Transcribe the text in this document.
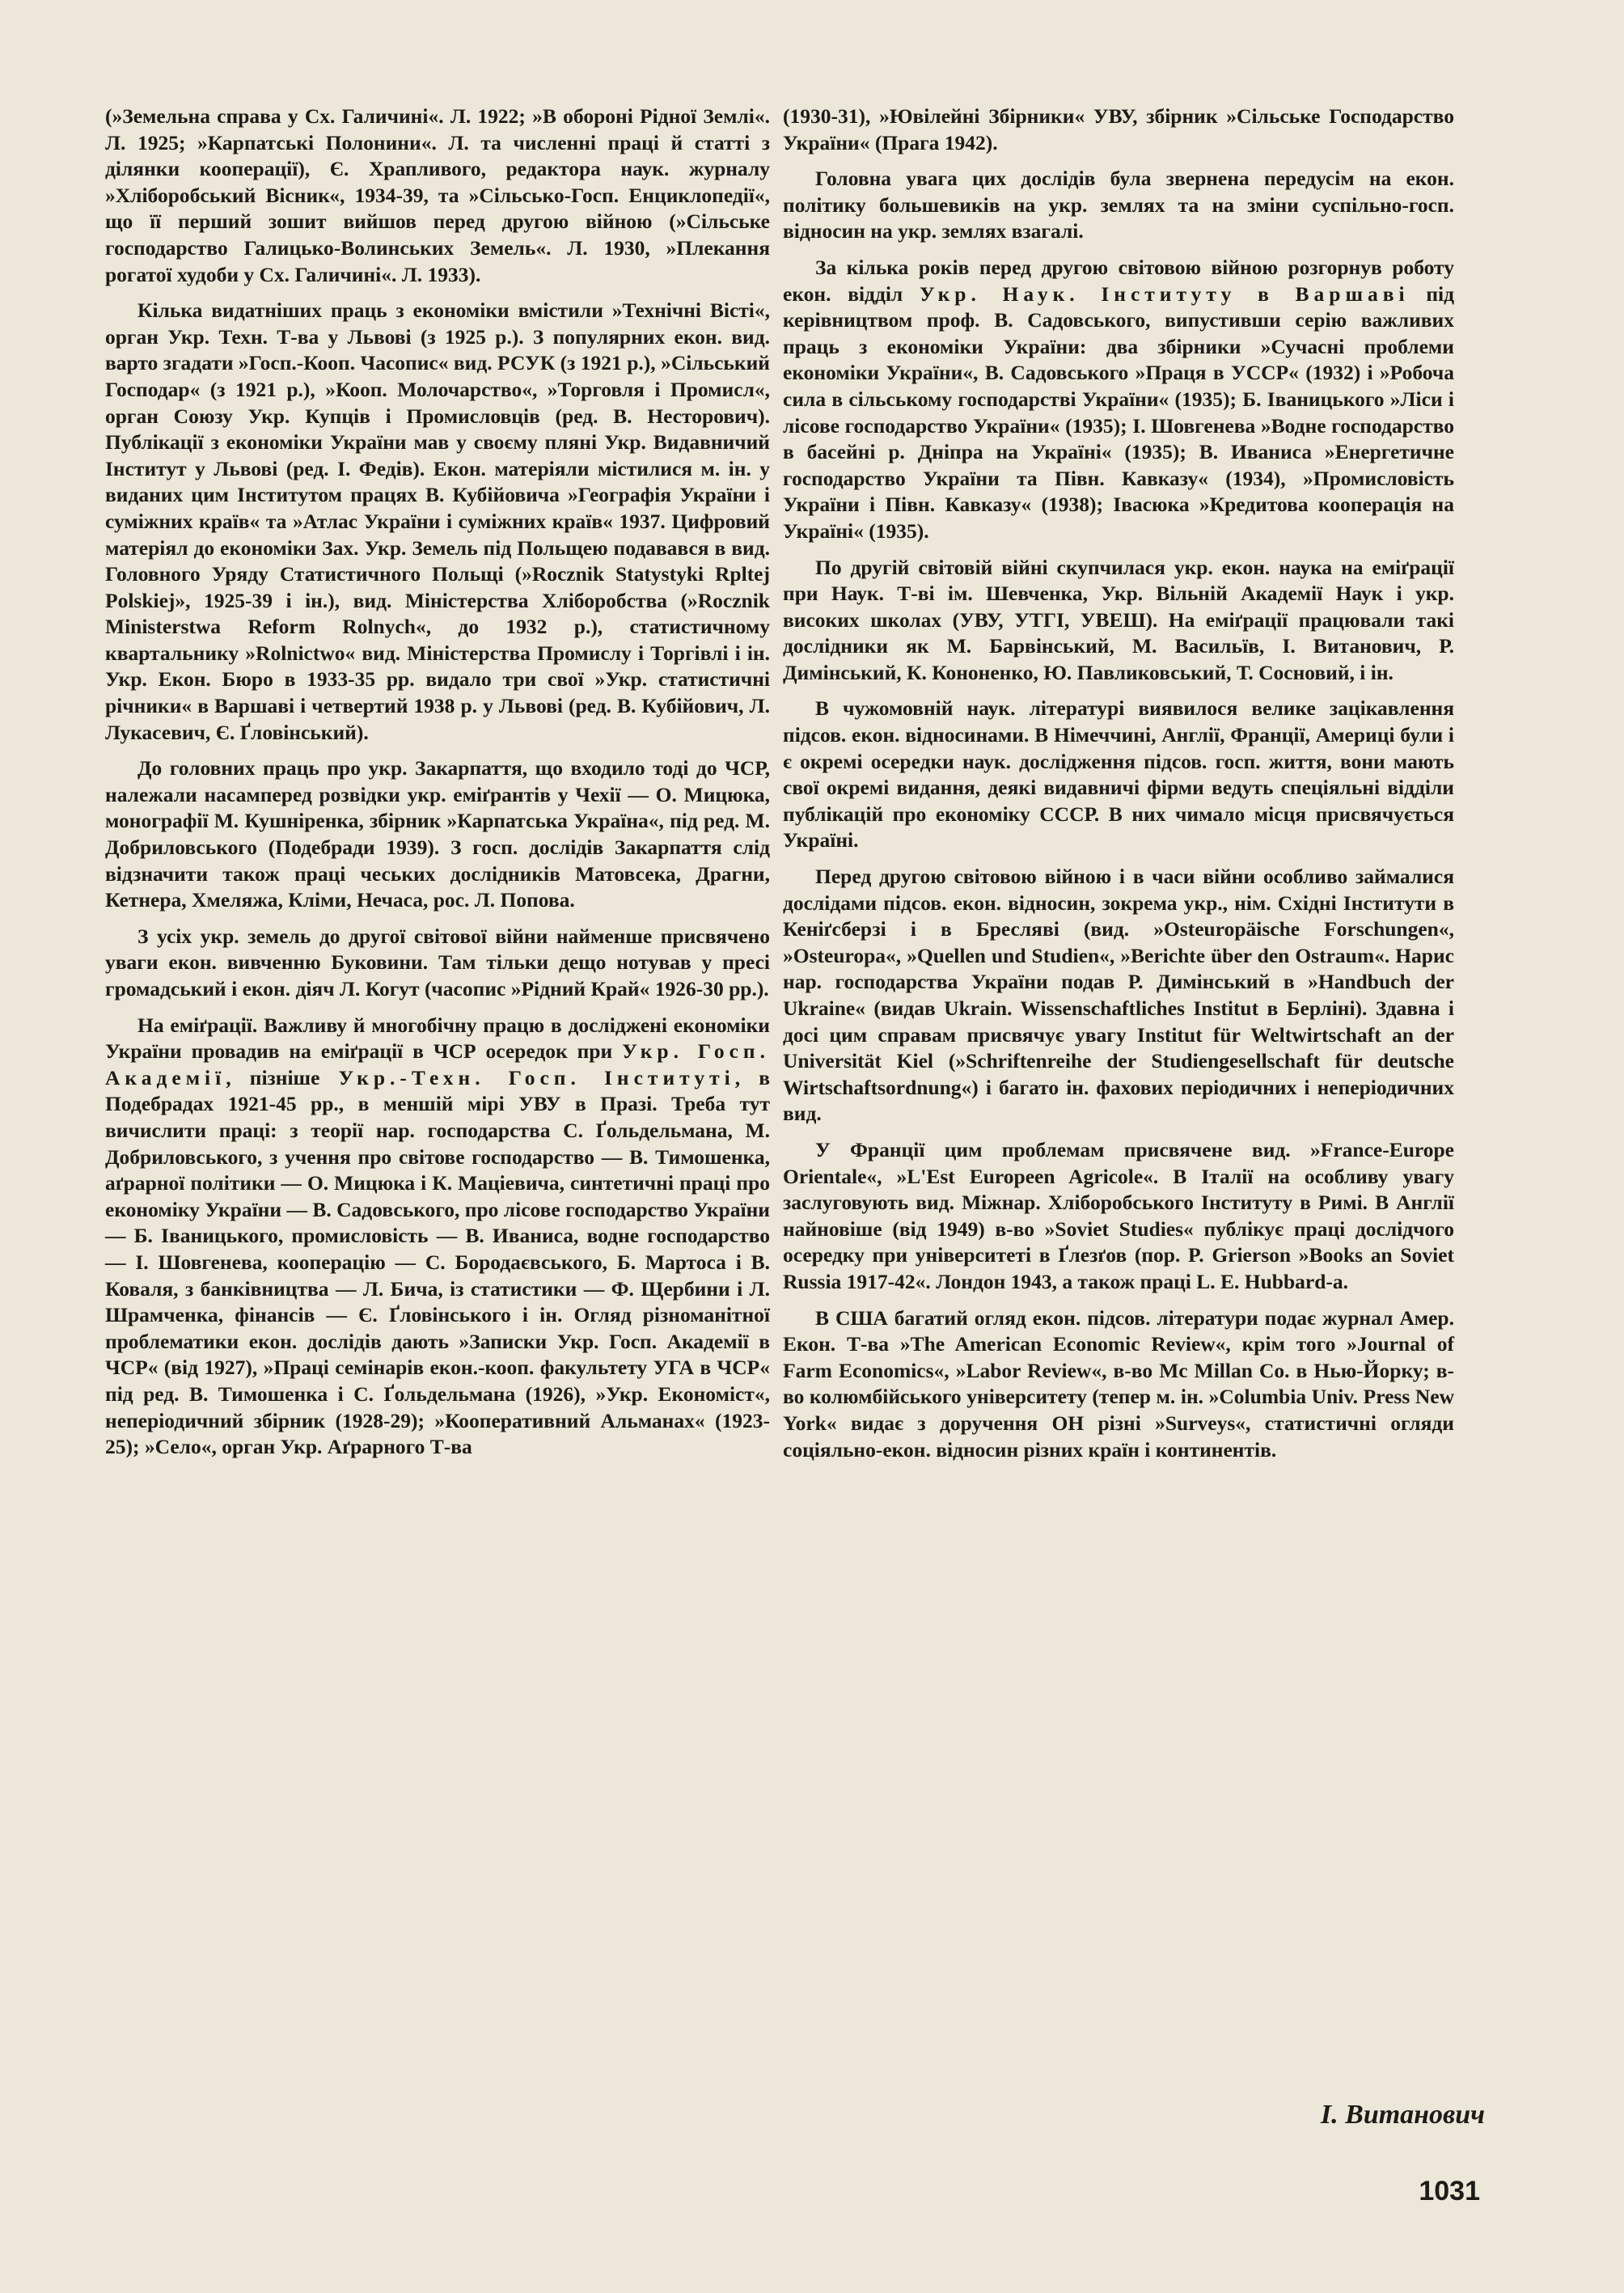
(»Земельна справа у Сх. Галичині«. Л. 1922; »В обороні Рідної Землі«. Л. 1925; »Карпатські Полонини«. Л. та численні праці й статті з ділянки кооперації), Є. Храпливого, редактора наук. журналу »Хліборобський Вісник«, 1934-39, та »Сільсько-Госп. Енциклопедії«, що її перший зошит вийшов перед другою війною (»Сільське господарство Галицько-Волинських Земель«. Л. 1930, »Плекання рогатої худоби у Сх. Галичині«. Л. 1933).

Кілька видатніших праць з економіки вмістили »Технічні Вісті«, орган Укр. Техн. Т-ва у Львові (з 1925 р.). З популярних екон. вид. варто згадати »Госп.-Кооп. Часопис« вид. РСУК (з 1921 р.), »Сільський Господар« (з 1921 р.), »Кооп. Молочарство«, »Торговля і Промисл«, орган Союзу Укр. Купців і Промисловців (ред. В. Несторович). Публікації з економіки України мав у своєму пляні Укр. Видавничий Інститут у Львові (ред. І. Федів). Екон. матеріяли містилися м. ін. у виданих цим Інститутом працях В. Кубійовича »Географія України і суміжних країв« та »Атлас України і суміжних країв« 1937. Цифровий матеріял до економіки Зах. Укр. Земель під Польщею подавався в вид. Головного Уряду Статистичного Польщі (»Rocznik Statystyki Rpltej Polskiej», 1925-39 і ін.), вид. Міністерства Хліборобства (»Rocznik Ministerstwa Reform Rolnych«, до 1932 р.), статистичному квартальнику »Rolnictwo« вид. Міністерства Промислу і Торгівлі і ін. Укр. Екон. Бюро в 1933-35 рр. видало три свої »Укр. статистичні річники« в Варшаві і четвертий 1938 р. у Львові (ред. В. Кубійович, Л. Лукасевич, Є. Ґловінський).

До головних праць про укр. Закарпаття, що входило тоді до ЧСР, належали насамперед розвідки укр. еміґрантів у Чехії — О. Мицюка, монографії М. Кушніренка, збірник »Карпатська Україна«, під ред. М. Добриловського (Подебради 1939). З госп. дослідів Закарпаття слід відзначити також праці чеських дослідників Матовсека, Драгни, Кетнера, Хмеляжа, Кліми, Нечаса, рос. Л. Попова.

З усіх укр. земель до другої світової війни найменше присвячено уваги екон. вивченню Буковини. Там тільки дещо нотував у пресі громадський і екон. діяч Л. Когут (часопис »Рідний Край« 1926-30 рр.).

На еміґрації. Важливу й многобічну працю в досліджені економіки України провадив на еміґрації в ЧСР осередок при Укр. Госп. Академії, пізніше Укр.-Техн. Госп. Інституті, в Подебрадах 1921-45 рр., в меншій мірі УВУ в Празі. Треба тут вичислити праці: з теорії нар. господарства С. Ґольдельмана, М. Добриловського, з учення про світове господарство — В. Тимошенка, аґрарної політики — О. Мицюка і К. Маціевича, синтетичні праці про економіку України — В. Садовського, про лісове господарство України — Б. Іваницького, промисловість — В. Иваниса, водне господарство — І. Шовгенева, кооперацію — С. Бородаєвського, Б. Мартоса і В. Коваля, з банківництва — Л. Бича, із статистики — Ф. Щербини і Л. Шрамченка, фінансів — Є. Ґловінського і ін. Огляд різноманітної проблематики екон. дослідів дають »Записки Укр. Госп. Академії в ЧСР« (від 1927), »Праці семінарів екон.-кооп. факультету УГА в ЧСР« під ред. В. Тимошенка і С. Ґольдельмана (1926), »Укр. Економіст«, неперіодичний збірник (1928-29); »Кооперативний Альманах« (1923-25); »Село«, орган Укр. Аґрарного Т-ва

(1930-31), »Ювілейні Збірники« УВУ, збірник »Сільське Господарство України« (Прага 1942).

Головна увага цих дослідів була звернена передусім на екон. політику большевиків на укр. землях та на зміни суспільно-госп. відносин на укр. землях взагалі.

За кілька років перед другою світовою війною розгорнув роботу екон. відділ Укр. Наук. Інституту в Варшаві під керівництвом проф. В. Садовського, випустивши серію важливих праць з економіки України: два збірники »Сучасні проблеми економіки України«, В. Садовського »Праця в УССР« (1932) і »Робоча сила в сільському господарстві України« (1935); Б. Іваницького »Ліси і лісове господарство України« (1935); І. Шовгенева »Водне господарство в басейні р. Дніпра на Україні« (1935); В. Иваниса »Енергетичне господарство України та Півн. Кавказу« (1934), »Промисловість України і Півн. Кавказу« (1938); Івасюка »Кредитова кооперація на Україні« (1935).

По другій світовій війні скупчилася укр. екон. наука на еміґрації при Наук. Т-ві ім. Шевченка, Укр. Вільній Академії Наук і укр. високих школах (УВУ, УТГІ, УВЕШ). На еміґрації працювали такі дослідники як М. Барвінський, М. Васильїв, І. Витанович, Р. Димінський, К. Кононенко, Ю. Павликовський, Т. Сосновий, і ін.

В чужомовній наук. літературі виявилося велике зацікавлення підсов. екон. відносинами. В Німеччині, Англії, Франції, Америці були і є окремі осередки наук. дослідження підсов. госп. життя, вони мають свої окремі видання, деякі видавничі фірми ведуть спеціяльні відділи публікацій про економіку СССР. В них чимало місця присвячується Україні.

Перед другою світовою війною і в часи війни особливо займалися дослідами підсов. екон. відносин, зокрема укр., нім. Східні Інститути в Кеніґсберзі і в Бресляві (вид. »Osteuropäische Forschungen«, »Osteuropa«, »Quellen und Studien«, »Berichte über den Ostraum«. Нарис нар. господарства України подав Р. Димінський в »Handbuch der Ukraine« (видав Ukrain. Wissenschaftliches Institut в Берліні). Здавна і досі цим справам присвячує увагу Institut für Weltwirtschaft an der Universität Kiel (»Schriftenreihe der Studiengesellschaft für deutsche Wirtschaftsordnung«) і багато ін. фахових періодичних і неперіодичних вид.

У Франції цим проблемам присвячене вид. »France-Europe Orientale«, »L'Est Europeen Agricole«. В Італії на особливу увагу заслуговують вид. Міжнар. Хліборобського Інституту в Римі. В Англії найновіше (від 1949) в-во »Soviet Studies« публікує праці дослідчого осередку при університеті в Ґлезґов (пор. P. Grierson »Books an Soviet Russia 1917-42«. Лондон 1943, а також праці L. E. Hubbard-a.

В США багатий огляд екон. підсов. літератури подає журнал Амер. Екон. Т-ва »The American Economic Review«, крім того »Journal of Farm Economics«, »Labor Review«, в-во Mc Millan Co. в Нью-Йорку; в-во колюмбійського університету (тепер м. ін. »Columbia Univ. Press New York« видає з доручення ОН різні »Surveys«, статистичні огляди соціяльно-екон. відносин різних країн і континентів.

І. Витанович
1031
